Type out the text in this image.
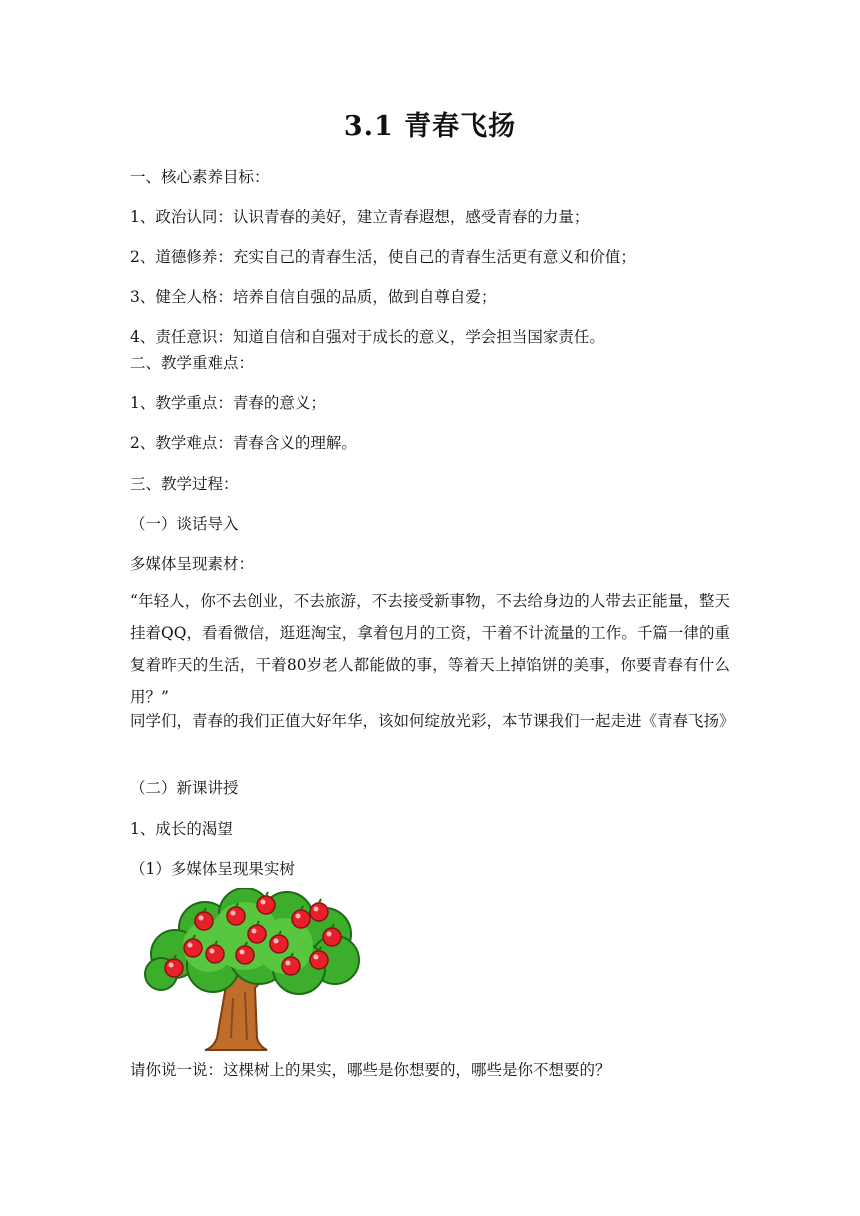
3.1 青春飞扬
一、核心素养目标：
1、政治认同：认识青春的美好，建立青春遐想，感受青春的力量；
2、道德修养：充实自己的青春生活，使自己的青春生活更有意义和价值；
3、健全人格：培养自信自强的品质，做到自尊自爱；
4、责任意识：知道自信和自强对于成长的意义，学会担当国家责任。
二、教学重难点：
1、教学重点：青春的意义；
2、教学难点：青春含义的理解。
三、教学过程：
（一）谈话导入
多媒体呈现素材：
“年轻人，你不去创业，不去旅游，不去接受新事物，不去给身边的人带去正能量，整天挂着QQ，看看微信，逛逛淘宝，拿着包月的工资，干着不计流量的工作。千篇一律的重复着昨天的生活，干着80岁老人都能做的事，等着天上掉馅饼的美事，你要青春有什么用？”
同学们，青春的我们正值大好年华，该如何绽放光彩，本节课我们一起走进《青春飞扬》
（二）新课讲授
1、成长的渴望
（1）多媒体呈现果实树
请你说一说：这棵树上的果实，哪些是你想要的，哪些是你不想要的？
